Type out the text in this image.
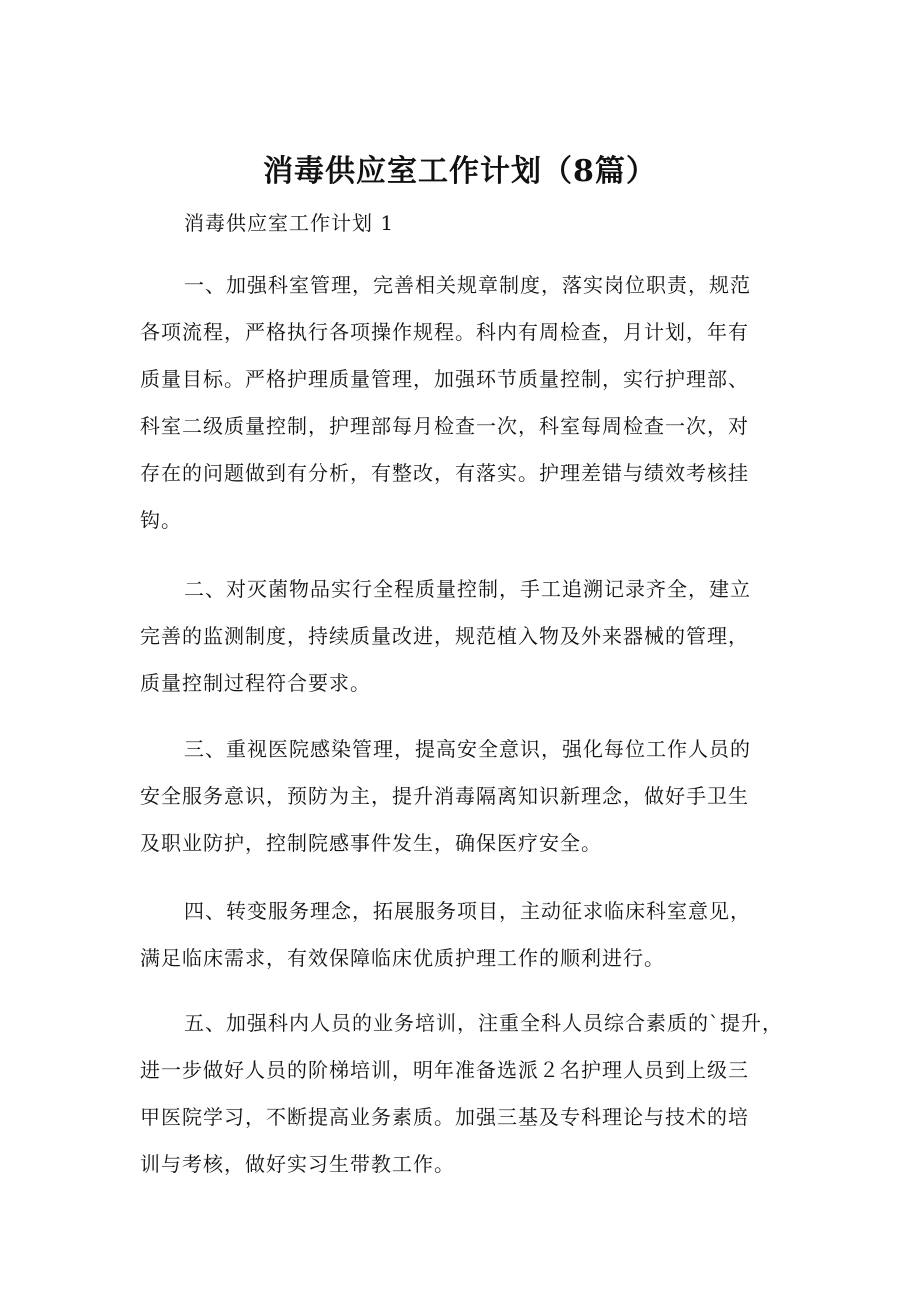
消毒供应室工作计划（8篇）
消毒供应室工作计划 1
一、加强科室管理，完善相关规章制度，落实岗位职责，规范
各项流程，严格执行各项操作规程。科内有周检查，月计划，年有
质量目标。严格护理质量管理，加强环节质量控制，实行护理部、
科室二级质量控制，护理部每月检查一次，科室每周检查一次，对
存在的问题做到有分析，有整改，有落实。护理差错与绩效考核挂
钩。
二、对灭菌物品实行全程质量控制，手工追溯记录齐全，建立
完善的监测制度，持续质量改进，规范植入物及外来器械的管理，
质量控制过程符合要求。
三、重视医院感染管理，提高安全意识，强化每位工作人员的
安全服务意识，预防为主，提升消毒隔离知识新理念，做好手卫生
及职业防护，控制院感事件发生，确保医疗安全。
四、转变服务理念，拓展服务项目，主动征求临床科室意见，
满足临床需求，有效保障临床优质护理工作的顺利进行。
五、加强科内人员的业务培训，注重全科人员综合素质的`提升，
进一步做好人员的阶梯培训，明年准备选派２名护理人员到上级三
甲医院学习，不断提高业务素质。加强三基及专科理论与技术的培
训与考核，做好实习生带教工作。
